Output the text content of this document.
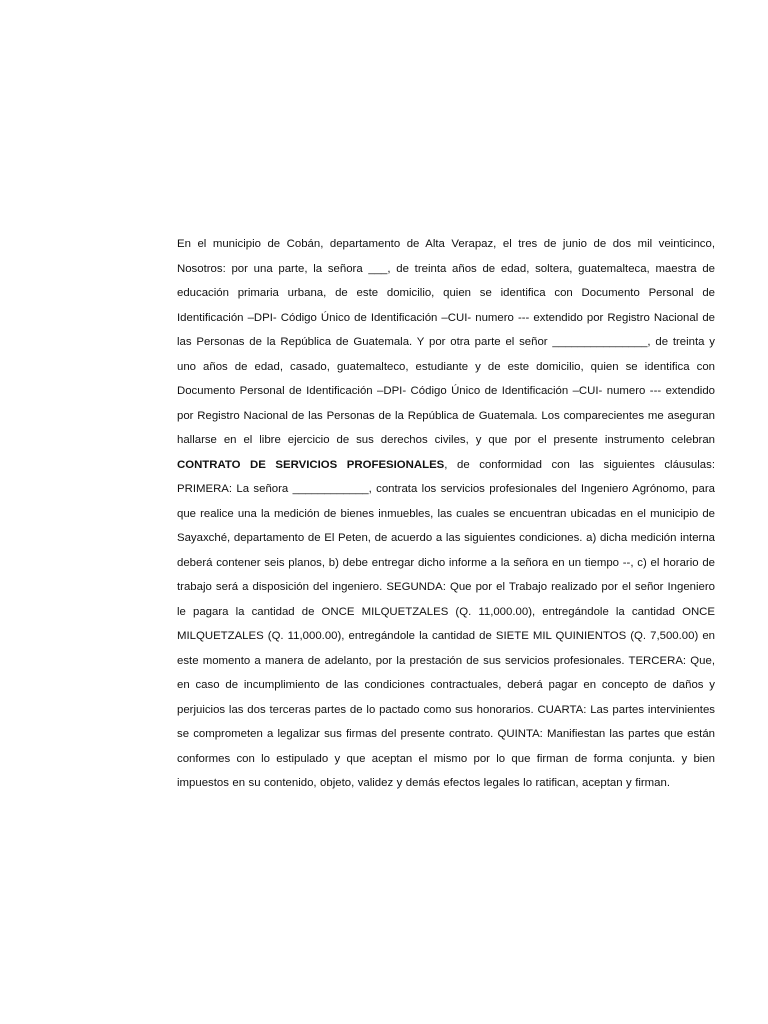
En el municipio de Cobán, departamento de Alta Verapaz, el tres de junio de dos mil veinticinco, Nosotros: por una parte, la señora ___, de treinta años de edad, soltera, guatemalteca, maestra de educación primaria urbana, de este domicilio, quien se identifica con Documento Personal de Identificación –DPI- Código Único de Identificación –CUI- numero --- extendido por Registro Nacional de las Personas de la República de Guatemala. Y por otra parte el señor _______________, de treinta y uno años de edad, casado, guatemalteco, estudiante y de este domicilio, quien se identifica con Documento Personal de Identificación –DPI- Código Único de Identificación –CUI- numero --- extendido por Registro Nacional de las Personas de la República de Guatemala. Los comparecientes me aseguran hallarse en el libre ejercicio de sus derechos civiles, y que por el presente instrumento celebran CONTRATO DE SERVICIOS PROFESIONALES, de conformidad con las siguientes cláusulas: PRIMERA: La señora ____________, contrata los servicios profesionales del Ingeniero Agrónomo, para que realice una la medición de bienes inmuebles, las cuales se encuentran ubicadas en el municipio de Sayaxché, departamento de El Peten, de acuerdo a las siguientes condiciones. a) dicha medición interna deberá contener seis planos, b) debe entregar dicho informe a la señora en un tiempo --, c) el horario de trabajo será a disposición del ingeniero. SEGUNDA: Que por el Trabajo realizado por el señor Ingeniero le pagara la cantidad de ONCE MILQUETZALES (Q. 11,000.00), entregándole la cantidad ONCE MILQUETZALES (Q. 11,000.00), entregándole la cantidad de SIETE MIL QUINIENTOS (Q. 7,500.00) en este momento a manera de adelanto, por la prestación de sus servicios profesionales. TERCERA: Que, en caso de incumplimiento de las condiciones contractuales, deberá pagar en concepto de daños y perjuicios las dos terceras partes de lo pactado como sus honorarios. CUARTA: Las partes intervinientes se comprometen a legalizar sus firmas del presente contrato. QUINTA: Manifiestan las partes que están conformes con lo estipulado y que aceptan el mismo por lo que firman de forma conjunta. y bien impuestos en su contenido, objeto, validez y demás efectos legales lo ratifican, aceptan y firman.
